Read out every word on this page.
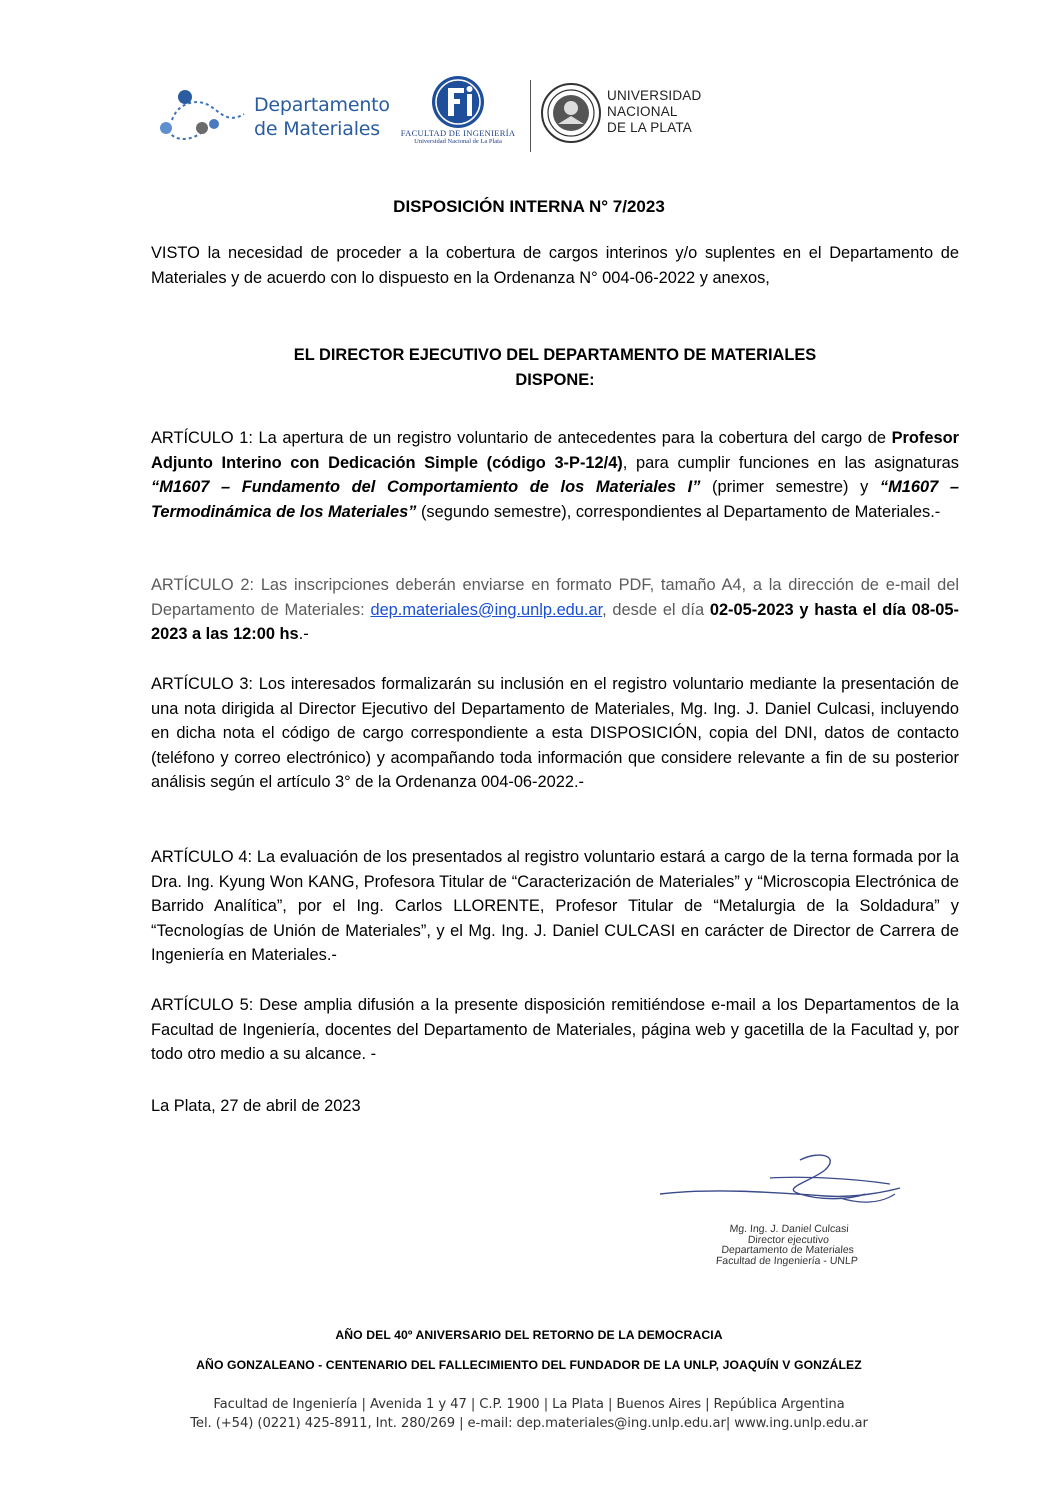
Departamento
de Materiales	FACULTAD DE INGENIERÍA
Universidad Nacional de La Plata
UNIVERSIDAD
NACIONAL
DE LA PLATA
DISPOSICIÓN INTERNA N° 7/2023
VISTO la necesidad de proceder a la cobertura de cargos interinos y/o suplentes en el Departamento de Materiales y de acuerdo con lo dispuesto en la Ordenanza N° 004-06-2022 y anexos,
EL DIRECTOR EJECUTIVO DEL DEPARTAMENTO DE MATERIALES
DISPONE:
ARTÍCULO 1: La apertura de un registro voluntario de antecedentes para la cobertura del cargo de Profesor Adjunto Interino con Dedicación Simple (código 3-P-12/4), para cumplir funciones en las asignaturas “M1607 – Fundamento del Comportamiento de los Materiales I” (primer semestre) y “M1607 –Termodinámica de los Materiales” (segundo semestre), correspondientes al Departamento de Materiales.-
ARTÍCULO 2: Las inscripciones deberán enviarse en formato PDF, tamaño A4, a la dirección de e-mail del Departamento de Materiales: dep.materiales@ing.unlp.edu.ar, desde el día 02-05-2023 y hasta el día 08-05-2023 a las 12:00 hs.-
ARTÍCULO 3: Los interesados formalizarán su inclusión en el registro voluntario mediante la presentación de una nota dirigida al Director Ejecutivo del Departamento de Materiales, Mg. Ing. J. Daniel Culcasi, incluyendo en dicha nota el código de cargo correspondiente a esta DISPOSICIÓN, copia del DNI, datos de contacto (teléfono y correo electrónico) y acompañando toda información que considere relevante a fin de su posterior análisis según el artículo 3° de la Ordenanza 004-06-2022.-
ARTÍCULO 4: La evaluación de los presentados al registro voluntario estará a cargo de la terna formada por la Dra. Ing. Kyung Won KANG, Profesora Titular de “Caracterización de Materiales” y “Microscopia Electrónica de Barrido Analítica”, por el Ing. Carlos LLORENTE, Profesor Titular de “Metalurgia de la Soldadura” y “Tecnologías de Unión de Materiales”, y el Mg. Ing. J. Daniel CULCASI en carácter de Director de Carrera de Ingeniería en Materiales.-
ARTÍCULO 5: Dese amplia difusión a la presente disposición remitiéndose e-mail a los Departamentos de la Facultad de Ingeniería, docentes del Departamento de Materiales, página web y gacetilla de la Facultad y, por todo otro medio a su alcance. -
La Plata, 27 de abril de 2023
Mg. Ing. J. Daniel Culcasi
Director ejecutivo
Departamento de Materiales
Facultad de Ingeniería - UNLP
AÑO DEL 40º ANIVERSARIO DEL RETORNO DE LA DEMOCRACIA
AÑO GONZALEANO - CENTENARIO DEL FALLECIMIENTO DEL FUNDADOR DE LA UNLP, JOAQUÍN V GONZÁLEZ
Facultad de Ingeniería | Avenida 1 y 47 | C.P. 1900 | La Plata | Buenos Aires | República Argentina
Tel. (+54) (0221) 425-8911, Int. 280/269 | e-mail: dep.materiales@ing.unlp.edu.ar| www.ing.unlp.edu.ar
